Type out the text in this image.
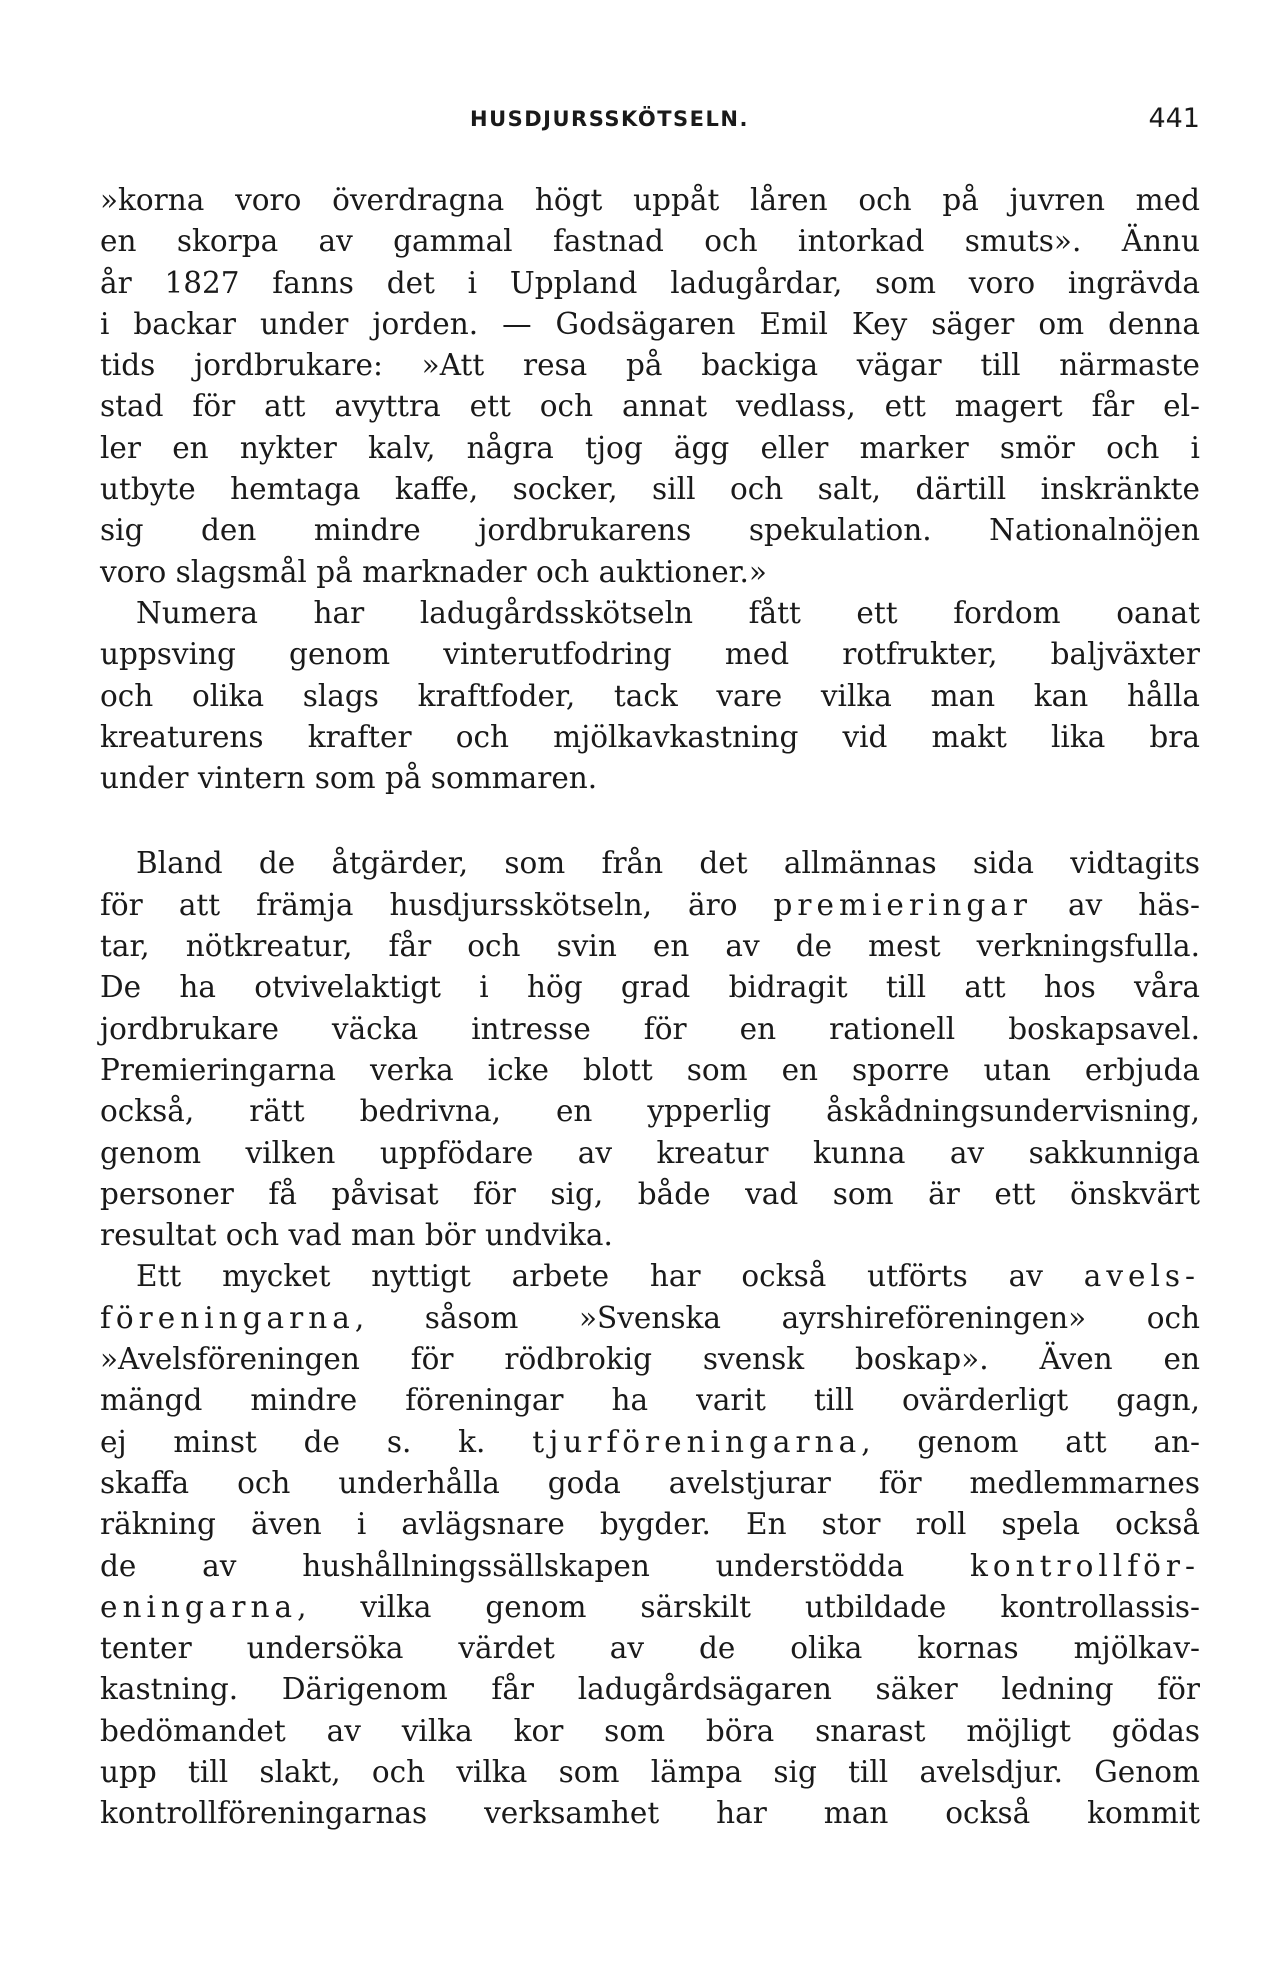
HUSDJURSSKÖTSELN.	441
»korna voro överdragna högt uppåt låren och på juvren med
en skorpa av gammal fastnad och intorkad smuts». Ännu
år 1827 fanns det i Uppland ladugårdar, som voro ingrävda
i backar under jorden. — Godsägaren Emil Key säger om denna
tids jordbrukare: »Att resa på backiga vägar till närmaste
stad för att avyttra ett och annat vedlass, ett magert får el-
ler en nykter kalv, några tjog ägg eller marker smör och i
utbyte hemtaga kaffe, socker, sill och salt, därtill inskränkte
sig den mindre jordbrukarens spekulation. Nationalnöjen
voro slagsmål på marknader och auktioner.»
Numera har ladugårdsskötseln fått ett fordom oanat
uppsving genom vinterutfodring med rotfrukter, baljväxter
och olika slags kraftfoder, tack vare vilka man kan hålla
kreaturens krafter och mjölkavkastning vid makt lika bra
under vintern som på sommaren.
Bland de åtgärder, som från det allmännas sida vidtagits
för att främja husdjursskötseln, äro premieringar av häs-
tar, nötkreatur, får och svin en av de mest verkningsfulla.
De ha otvivelaktigt i hög grad bidragit till att hos våra
jordbrukare väcka intresse för en rationell boskapsavel.
Premieringarna verka icke blott som en sporre utan erbjuda
också, rätt bedrivna, en ypperlig åskådningsundervisning,
genom vilken uppfödare av kreatur kunna av sakkunniga
personer få påvisat för sig, både vad som är ett önskvärt
resultat och vad man bör undvika.
Ett mycket nyttigt arbete har också utförts av avels-
föreningarna, såsom »Svenska ayrshireföreningen» och
»Avelsföreningen för rödbrokig svensk boskap». Även en
mängd mindre föreningar ha varit till ovärderligt gagn,
ej minst de s. k. tjurföreningarna, genom att an-
skaffa och underhålla goda avelstjurar för medlemmarnes
räkning även i avlägsnare bygder. En stor roll spela också
de av hushållningssällskapen understödda kontrollför-
eningarna, vilka genom särskilt utbildade kontrollassis-
tenter undersöka värdet av de olika kornas mjölkav-
kastning. Därigenom får ladugårdsägaren säker ledning för
bedömandet av vilka kor som böra snarast möjligt gödas
upp till slakt, och vilka som lämpa sig till avelsdjur. Genom
kontrollföreningarnas verksamhet har man också kommit
